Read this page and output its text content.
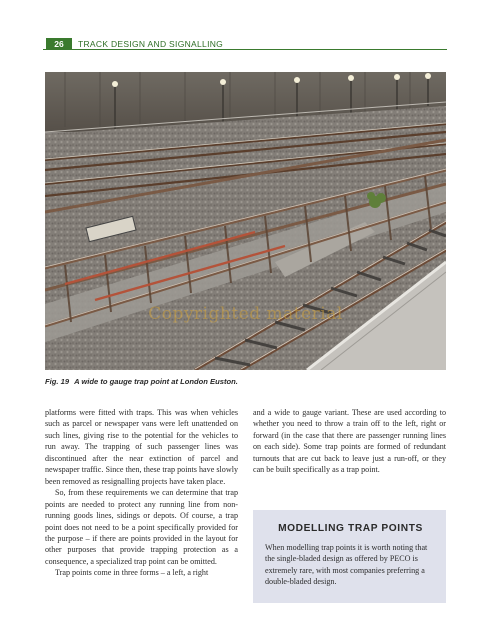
26	TRACK DESIGN AND SIGNALLING
Copyrighted material
Fig. 19 A wide to gauge trap point at London Euston.

platforms were fitted with traps. This was when vehicles such as parcel or newspaper vans were left unattended on such lines, giving rise to the potential for the vehicles to run away. The trapping of such passenger lines was discontinued after the near extinction of parcel and newspaper traffic. Since then, these trap points have slowly been removed as resignalling projects have taken place.

So, from these requirements we can determine that trap points are needed to protect any running line from non-running goods lines, sidings or depots. Of course, a trap point does not need to be a point specifically provided for the purpose – if there are points provided in the layout for other purposes that provide trapping protection as a consequence, a specialized trap point can be omitted.

Trap points come in three forms – a left, a right

and a wide to gauge variant. These are used according to whether you need to throw a train off to the left, right or forward (in the case that there are passenger running lines on each side). Some trap points are formed of redundant turnouts that are cut back to leave just a run-off, or they can be built specifically as a trap point.

MODELLING TRAP POINTS
When modelling trap points it is worth noting that the single-bladed design as offered by PECO is extremely rare, with most companies preferring a double-bladed design.
